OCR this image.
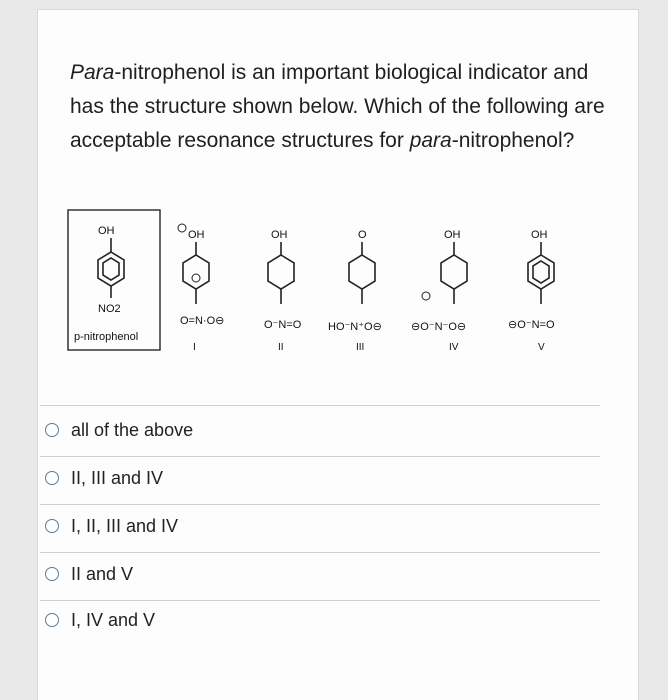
Para-nitrophenol is an important biological indicator and has the structure shown below. Which of the following are acceptable resonance structures for para-nitrophenol?
OH
NO2
p-nitrophenol
OH
O=N·O⊖
I
OH
O⁻N=O
II
O
HO⁻N⁺O⊖
III
OH
⊖O⁻N⁻O⊖
IV
OH
⊖O⁻N=O
V
all of the above
II, III and IV
I, II, III and IV
II and V
I, IV and V
